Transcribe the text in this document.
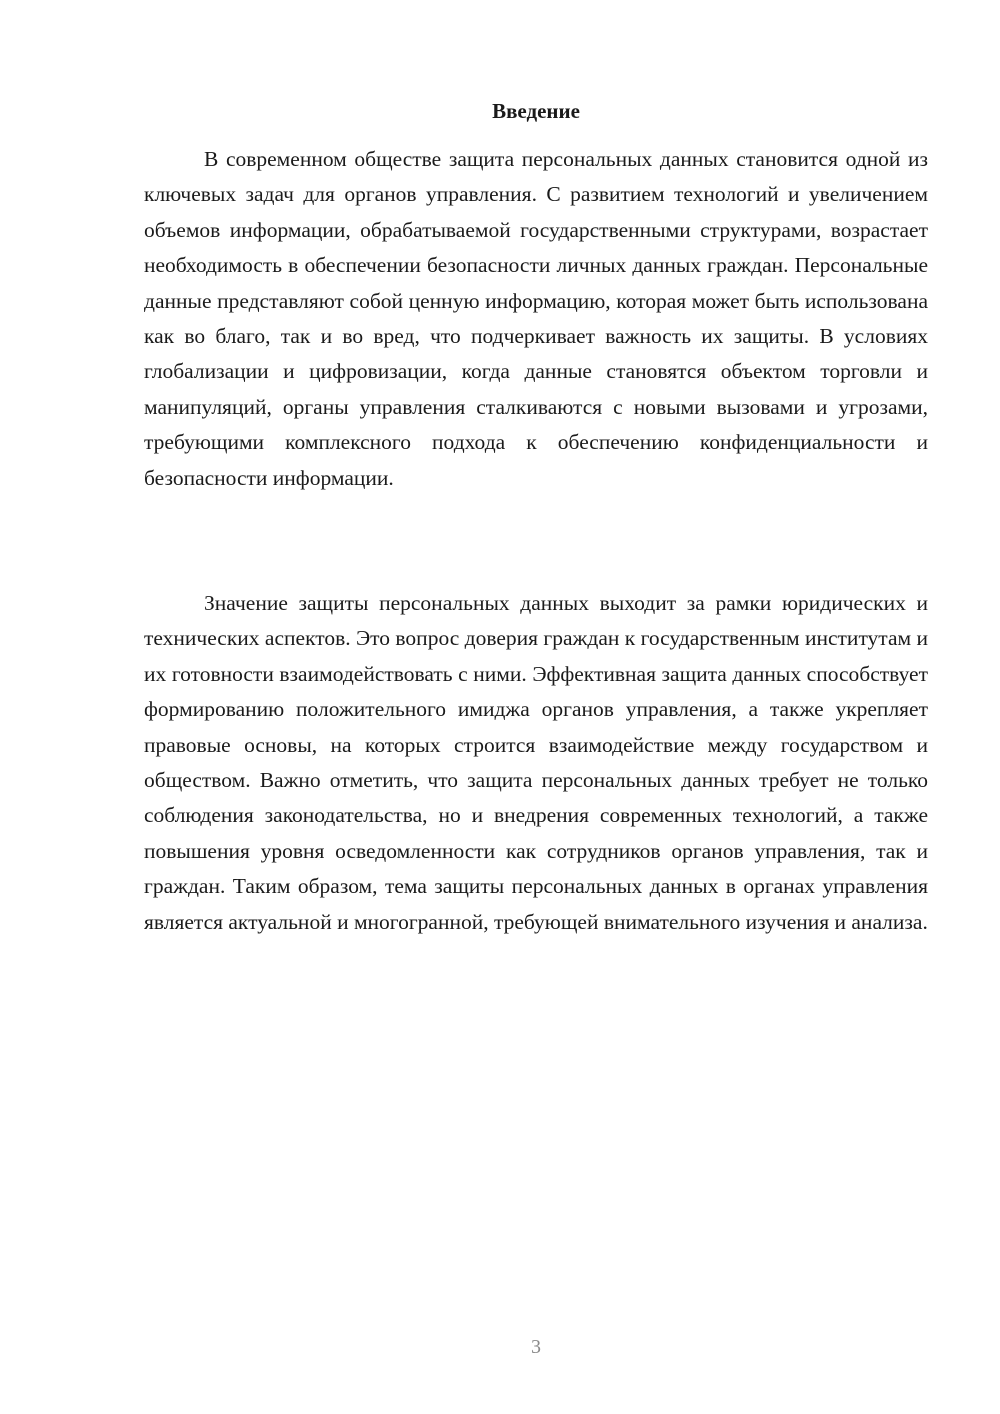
Введение

В современном обществе защита персональных данных становится одной из ключевых задач для органов управления. С развитием технологий и увеличением объемов информации, обрабатываемой государственными структурами, возрастает необходимость в обеспечении безопасности личных данных граждан. Персональные данные представляют собой ценную информацию, которая может быть использована как во благо, так и во вред, что подчеркивает важность их защиты. В условиях глобализации и цифровизации, когда данные становятся объектом торговли и манипуляций, органы управления сталкиваются с новыми вызовами и угрозами, требующими комплексного подхода к обеспечению конфиденциальности и безопасности информации.

Значение защиты персональных данных выходит за рамки юридических и технических аспектов. Это вопрос доверия граждан к государственным институтам и их готовности взаимодействовать с ними. Эффективная защита данных способствует формированию положительного имиджа органов управления, а также укрепляет правовые основы, на которых строится взаимодействие между государством и обществом. Важно отметить, что защита персональных данных требует не только соблюдения законодательства, но и внедрения современных технологий, а также повышения уровня осведомленности как сотрудников органов управления, так и граждан. Таким образом, тема защиты персональных данных в органах управления является актуальной и многогранной, требующей внимательного изучения и анализа.

3
